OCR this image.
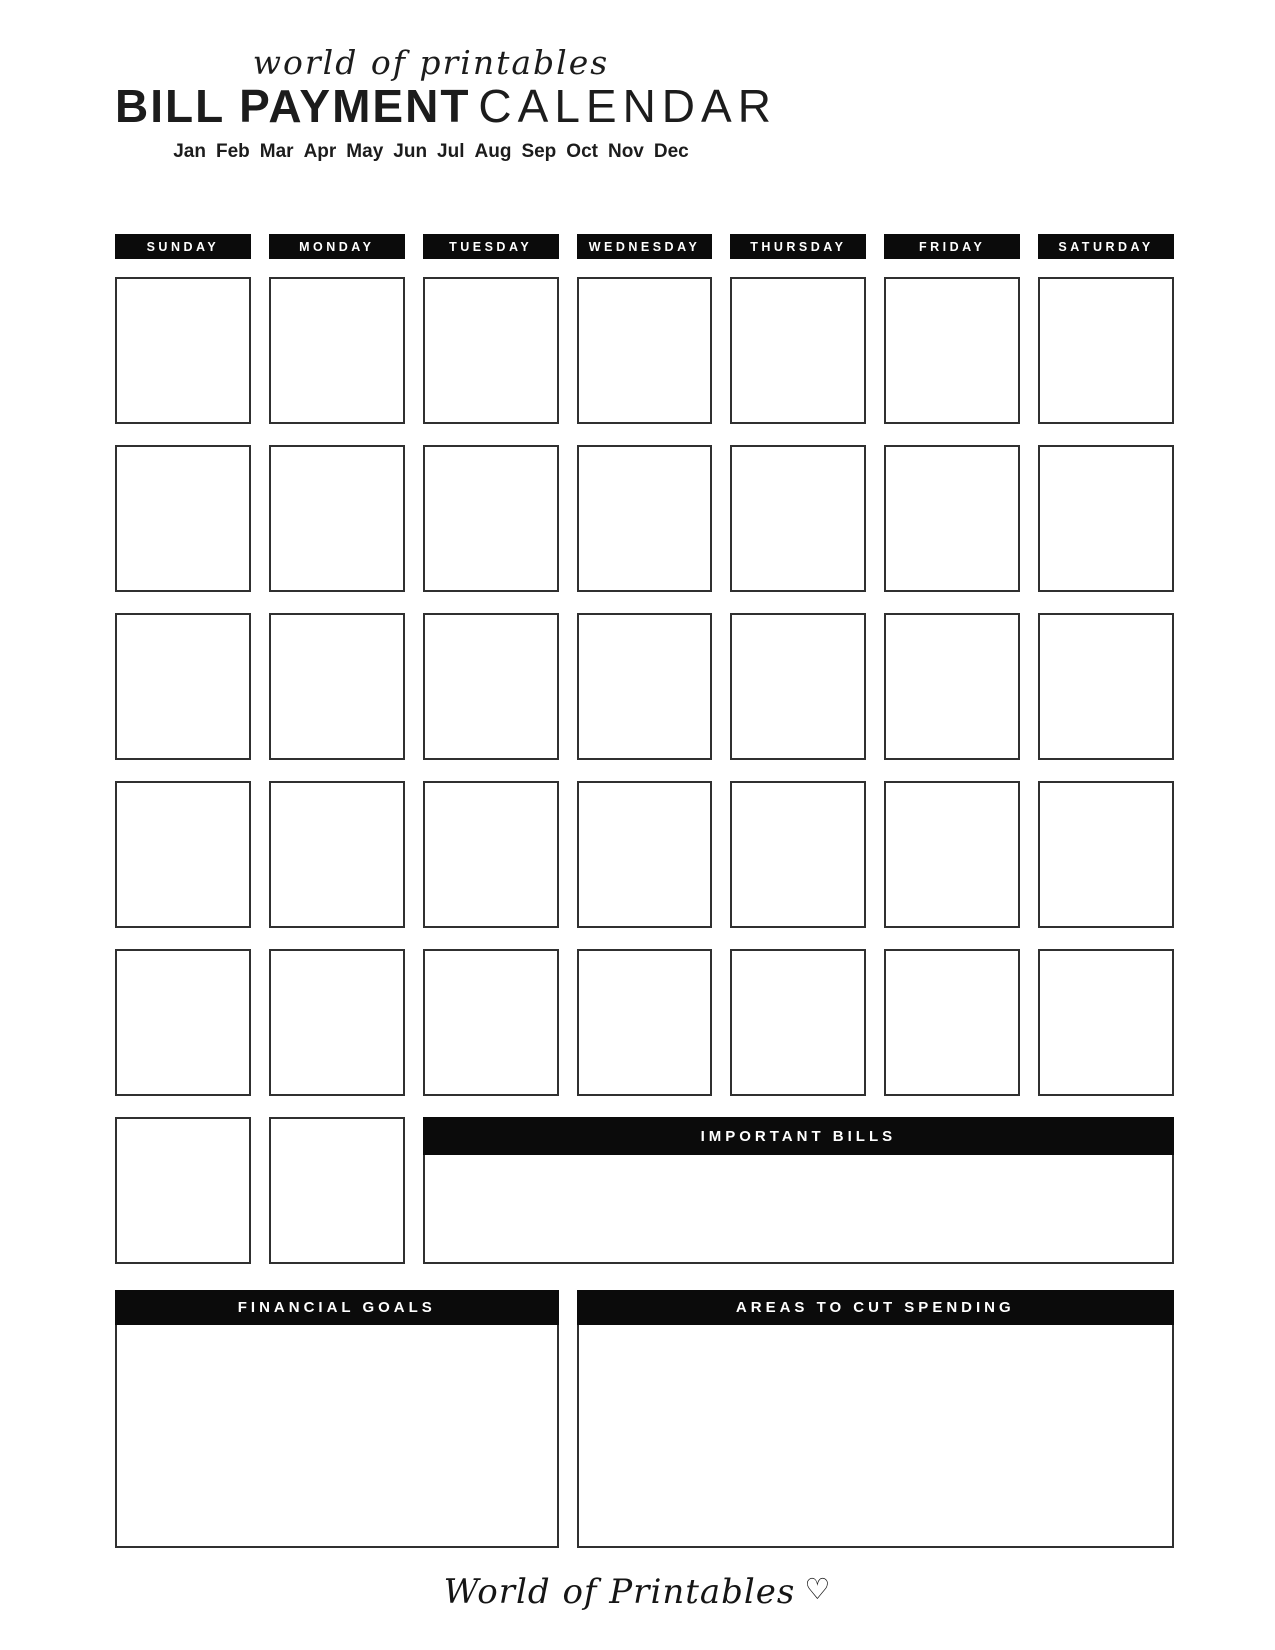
world of printables
BILL PAYMENT CALENDAR
Jan Feb Mar Apr May Jun Jul Aug Sep Oct Nov Dec
SUNDAY	MONDAY	TUESDAY	WEDNESDAY	THURSDAY	FRIDAY	SATURDAY
IMPORTANT BILLS
FINANCIAL GOALS	AREAS TO CUT SPENDING
World of Printables ♡
